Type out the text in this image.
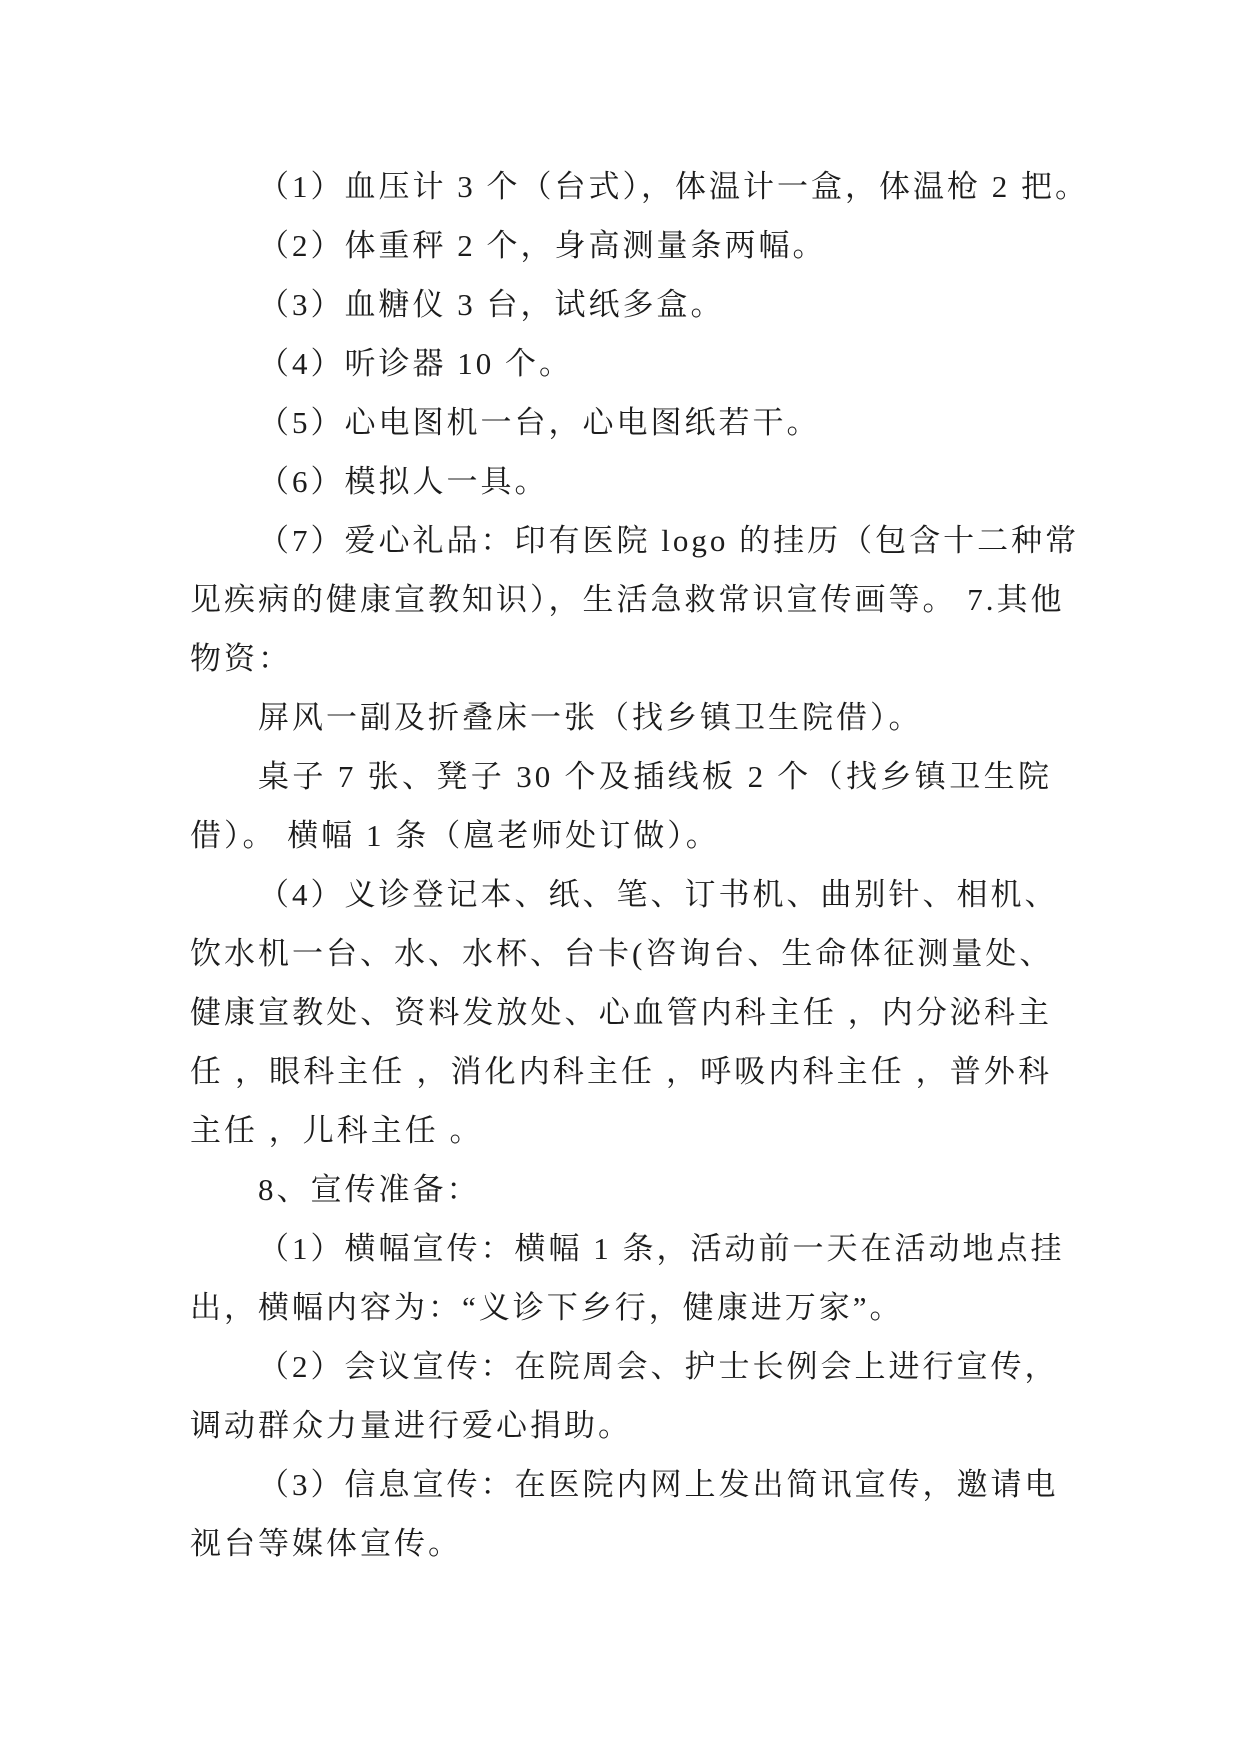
（1）血压计 3 个（台式），体温计一盒，体温枪 2 把。
（2）体重秤 2 个，身高测量条两幅。
（3）血糖仪 3 台，试纸多盒。
（4）听诊器 10 个。
（5）心电图机一台，心电图纸若干。
（6）模拟人一具。
（7）爱心礼品：印有医院 logo 的挂历（包含十二种常
见疾病的健康宣教知识），生活急救常识宣传画等。 7.其他
物资：
屏风一副及折叠床一张（找乡镇卫生院借）。
桌子 7 张、凳子 30 个及插线板 2 个（找乡镇卫生院
借）。 横幅 1 条（扈老师处订做）。
（4）义诊登记本、纸、笔、订书机、曲别针、相机、
饮水机一台、水、水杯、台卡(咨询台、生命体征测量处、
健康宣教处、资料发放处、心血管内科主任 ，内分泌科主
任 ，眼科主任 ，消化内科主任 ，呼吸内科主任 ，普外科
主任 ，儿科主任 。
8、宣传准备：
（1）横幅宣传：横幅 1 条，活动前一天在活动地点挂
出，横幅内容为：“义诊下乡行，健康进万家”。
（2）会议宣传：在院周会、护士长例会上进行宣传，
调动群众力量进行爱心捐助。
（3）信息宣传：在医院内网上发出简讯宣传，邀请电
视台等媒体宣传。
